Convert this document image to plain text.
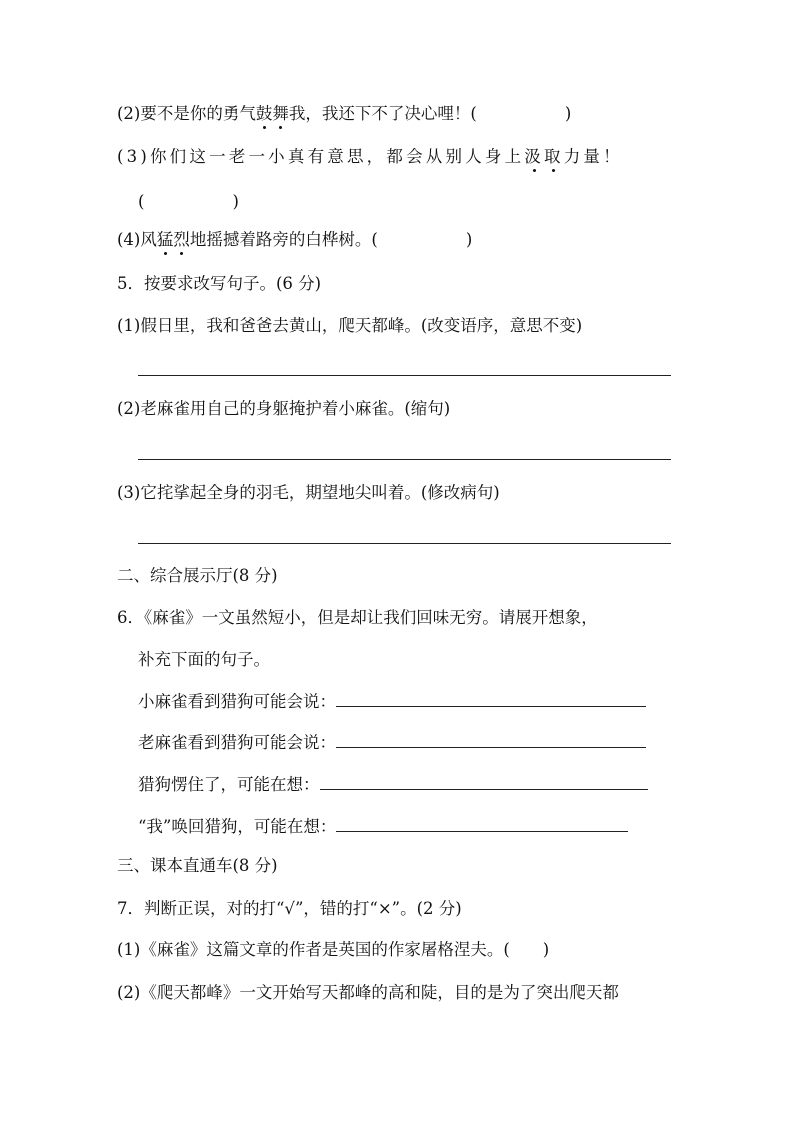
(2)要不是你的勇气鼓舞我，我还下不了决心哩！(	)
(3)你们这一老一小真有意思，都会从别人身上汲取力量！
(	)
(4)风猛烈地摇撼着路旁的白桦树。(	)
5．按要求改写句子。(6 分)
(1)假日里，我和爸爸去黄山，爬天都峰。(改变语序，意思不变)
(2)老麻雀用自己的身躯掩护着小麻雀。(缩句)
(3)它挓挲起全身的羽毛，期望地尖叫着。(修改病句)
二、综合展示厅(8 分)
6．《麻雀》一文虽然短小，但是却让我们回味无穷。请展开想象，
补充下面的句子。
小麻雀看到猎狗可能会说：
老麻雀看到猎狗可能会说：
猎狗愣住了，可能在想：
“我”唤回猎狗，可能在想：
三、课本直通车(8 分)
7．判断正误，对的打“√”，错的打“×”。(2 分)
(1)《麻雀》这篇文章的作者是英国的作家屠格涅夫。(　　)
(2)《爬天都峰》一文开始写天都峰的高和陡，目的是为了突出爬天都
